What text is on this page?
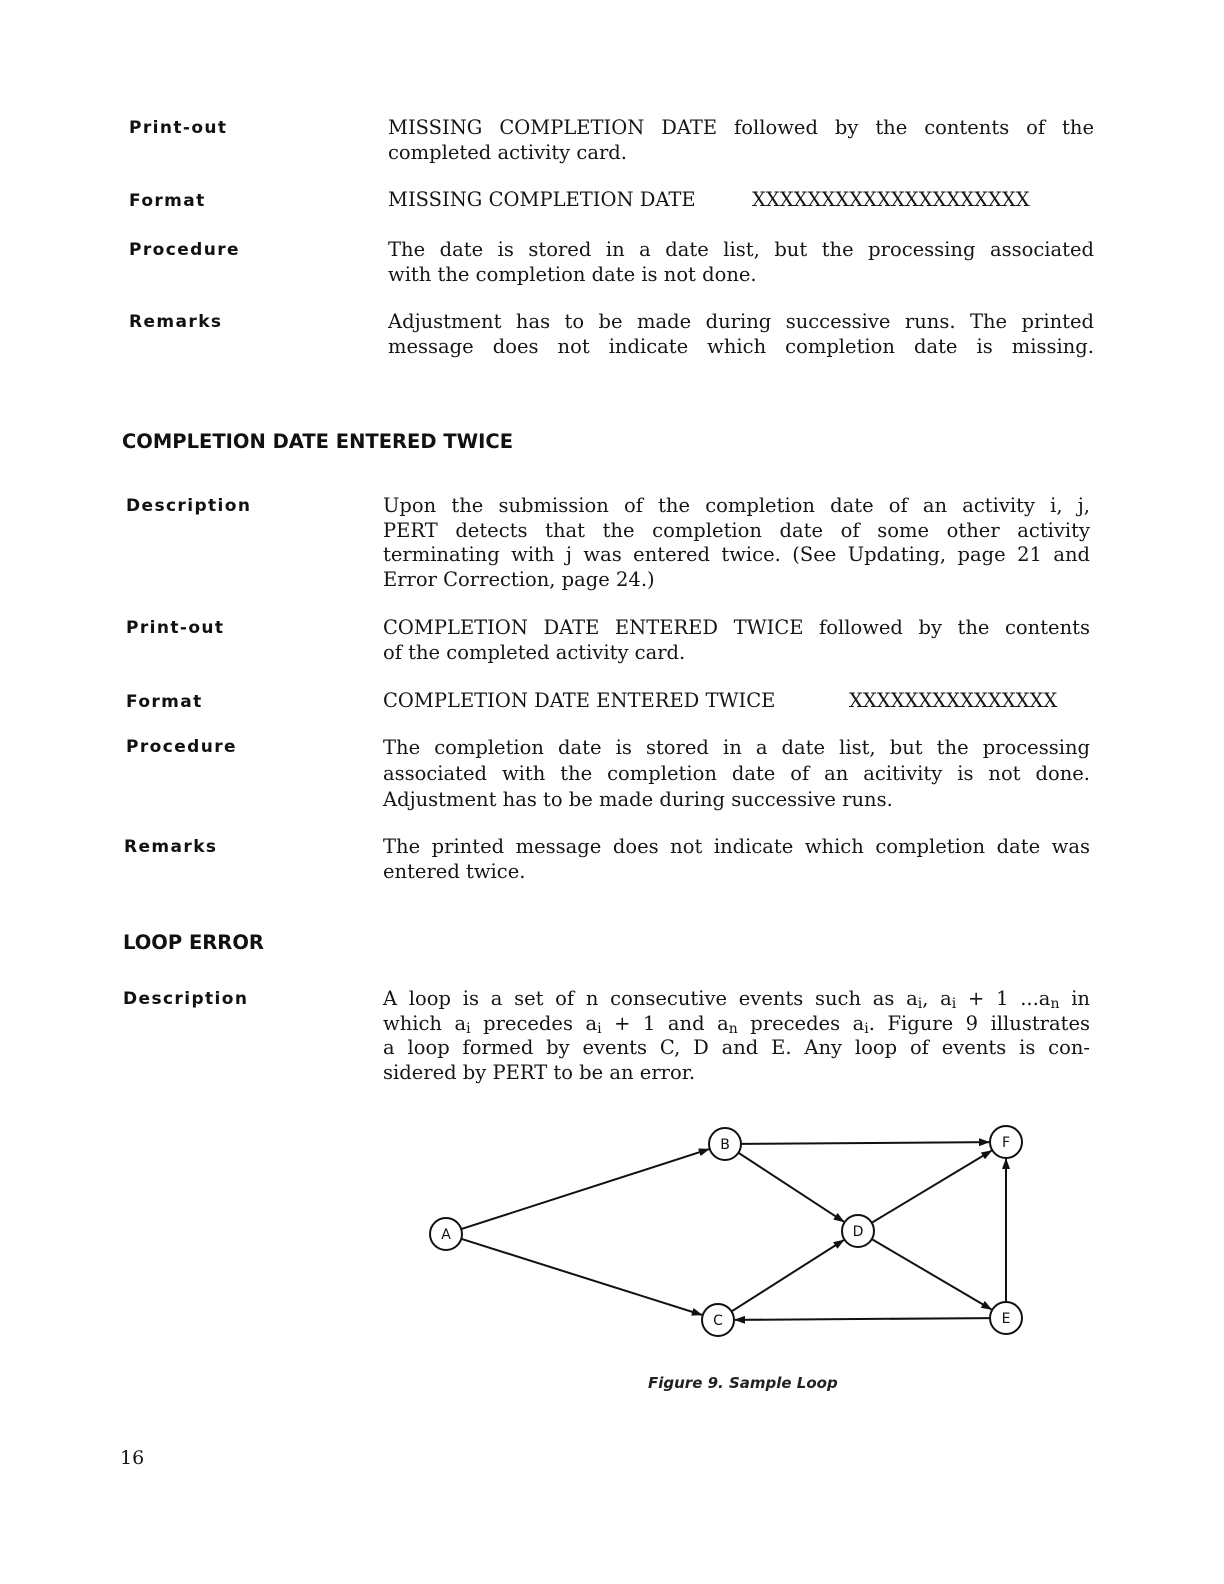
Print-out	MISSING COMPLETION DATE followed by the contents of the
completed activity card.
Format	MISSING COMPLETION DATE	XXXXXXXXXXXXXXXXXXXX
Procedure	The date is stored in a date list, but the processing associated
with the completion date is not done.
Remarks	Adjustment has to be made during successive runs. The printed
message does not indicate which completion date is missing.
COMPLETION DATE ENTERED TWICE
Description	Upon the submission of the completion date of an activity i, j,
PERT detects that the completion date of some other activity
terminating with j was entered twice. (See Updating, page 21 and
Error Correction, page 24.)
Print-out	COMPLETION DATE ENTERED TWICE followed by the contents
of the completed activity card.
Format	COMPLETION DATE ENTERED TWICE	XXXXXXXXXXXXXXX
Procedure	The completion date is stored in a date list, but the processing
associated with the completion date of an acitivity is not done.
Adjustment has to be made during successive runs.
Remarks	The printed message does not indicate which completion date was
entered twice.
LOOP ERROR
Description	A loop is a set of n consecutive events such as $a_i$, $a_i + 1$ $...a_n$ in
which $a_i$ precedes $a_i + 1$ and $a_n$ precedes $a_i$. Figure 9 illustrates
a loop formed by events C, D and E. Any loop of events is con-
sidered by PERT to be an error.
A
B
C
D
E
F
Figure 9. Sample Loop
16
